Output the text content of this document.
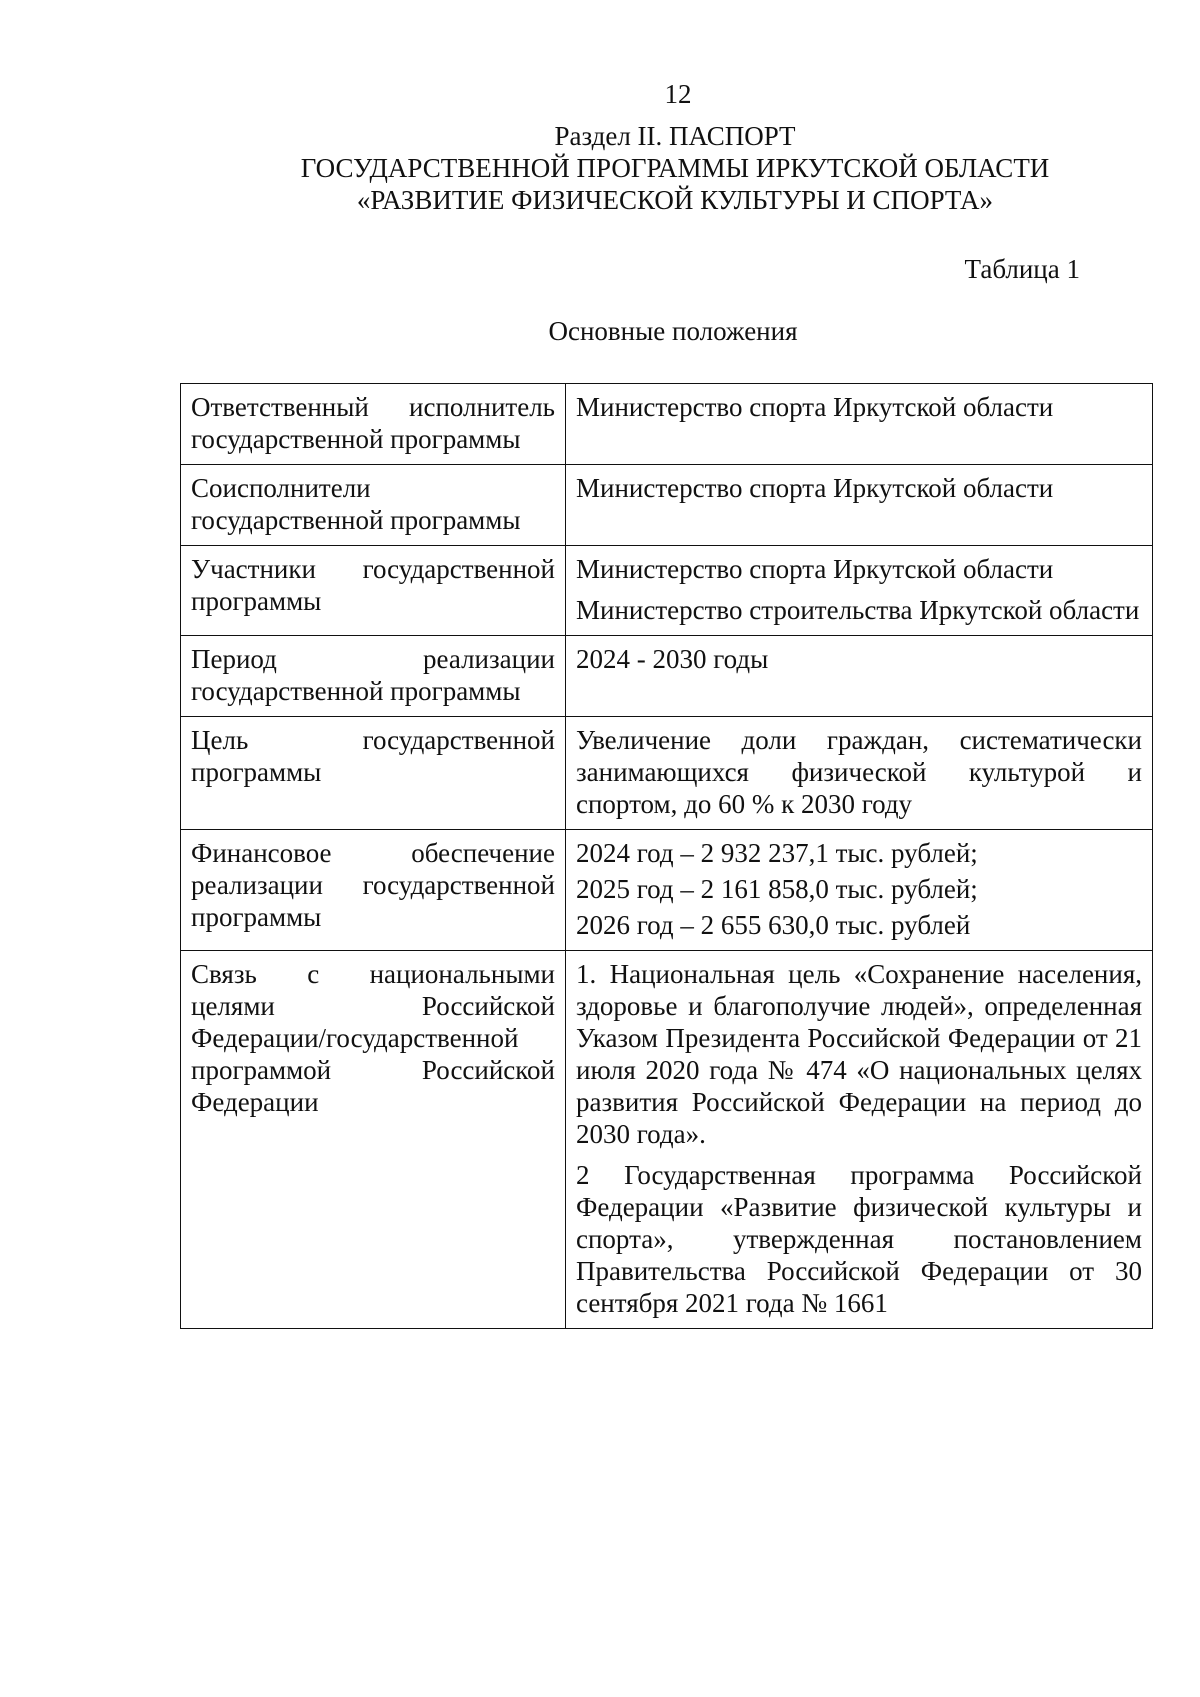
12
Раздел II. ПАСПОРТ
ГОСУДАРСТВЕННОЙ ПРОГРАММЫ ИРКУТСКОЙ ОБЛАСТИ
«РАЗВИТИЕ ФИЗИЧЕСКОЙ КУЛЬТУРЫ И СПОРТА»
Таблица 1
Основные положения
Ответственный исполнитель государственной программы	Министерство спорта Иркутской области

Соисполнители государственной программы	Министерство спорта Иркутской области

Участники государственной программы	Министерство спорта Иркутской области

Министерство строительства Иркутской области

Период реализации государственной программы	2024 - 2030 годы

Цель государственной программы	Увеличение доли граждан, систематически занимающихся физической культурой и спортом, до 60 % к 2030 году

Финансовое обеспечение реализации государственной программы	2024 год – 2 932 237,1 тыс. рублей;

2025 год – 2 161 858,0 тыс. рублей;

2026 год – 2 655 630,0 тыс. рублей

Связь с национальными целями Российской Федерации/государственной программой Российской Федерации	1. Национальная цель «Сохранение населения, здоровье и благополучие людей», определенная Указом Президента Российской Федерации от 21 июля 2020 года № 474 «О национальных целях развития Российской Федерации на период до 2030 года».

2 Государственная программа Российской Федерации «Развитие физической культуры и спорта», утвержденная постановлением Правительства Российской Федерации от 30 сентября 2021 года № 1661
